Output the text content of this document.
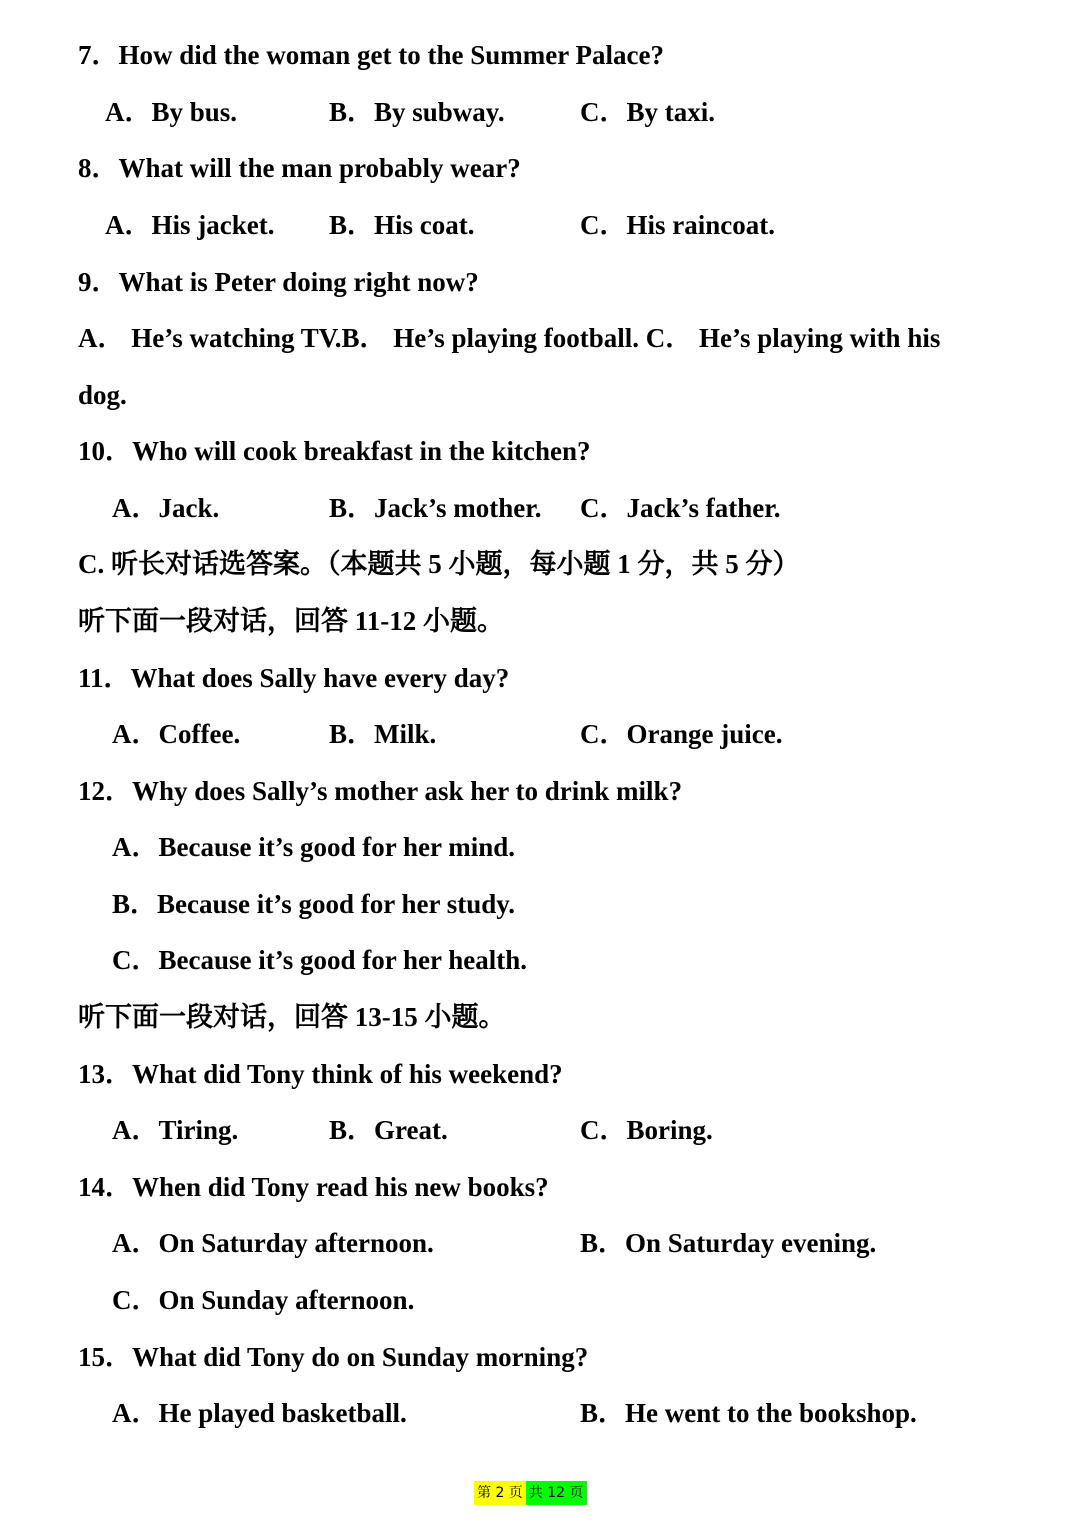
7．How did the woman get to the Summer Palace?
A．By bus.	B．By subway.	C．By taxi.
8．What will the man probably wear?
A．His jacket. B．His coat.	C．His raincoat.
9．What is Peter doing right now?
A． He’s watching TV.B． He’s playing football. C． He’s playing with his
dog.
10．Who will cook breakfast in the kitchen?
A．Jack.	B．Jack’s mother. C．Jack’s father.
C. 听长对话选答案。（本题共 5 小题，每小题 1 分，共 5 分）
听下面一段对话，回答 11-12 小题。
11．What does Sally have every day?
A．Coffee.	B．Milk.	C．Orange juice.
12．Why does Sally’s mother ask her to drink milk?
A．Because it’s good for her mind.
B．Because it’s good for her study.
C．Because it’s good for her health.
听下面一段对话，回答 13-15 小题。
13．What did Tony think of his weekend?
A．Tiring.	B．Great.	C．Boring.
14．When did Tony read his new books?
A．On Saturday afternoon.	B．On Saturday evening.
C．On Sunday afternoon.
15．What did Tony do on Sunday morning?
A．He played basketball.	B．He went to the bookshop.
第 2 页 共 12 页
